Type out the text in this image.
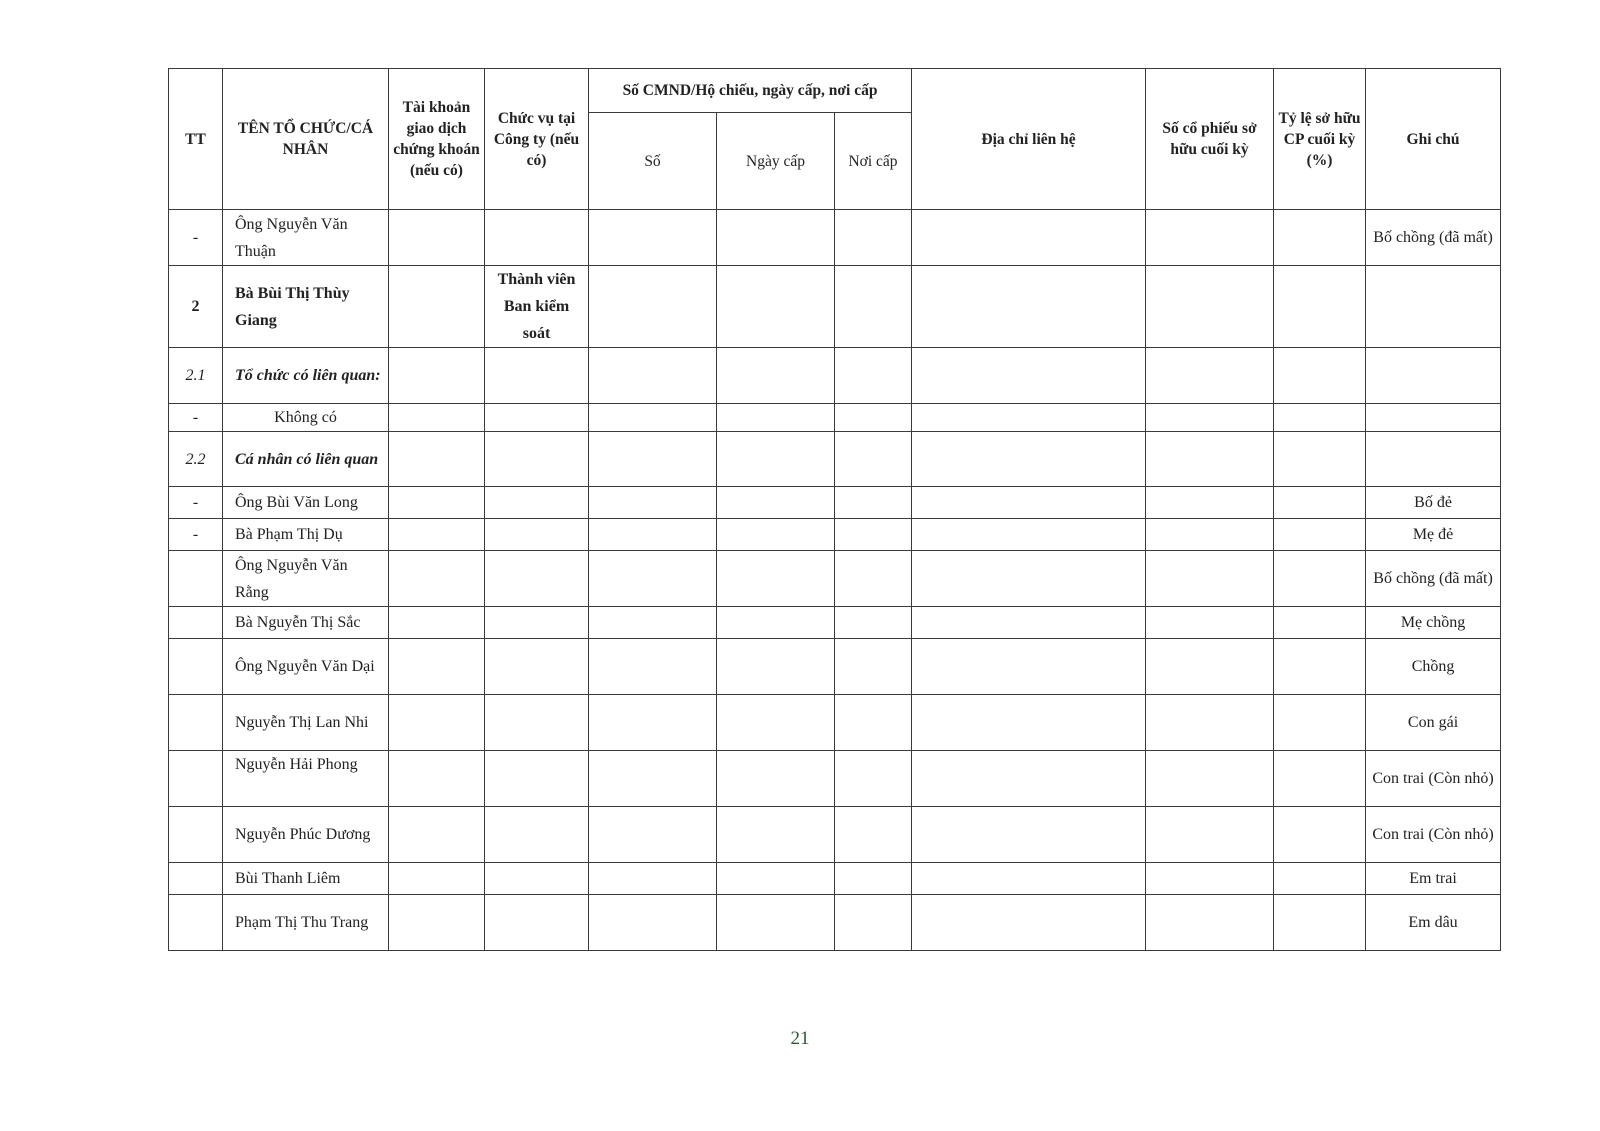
TT	TÊN TỔ CHỨC/CÁ NHÂN	Tài khoản giao dịch chứng khoán (nếu có)	Chức vụ tại Công ty (nếu có)	Số CMND/Hộ chiếu, ngày cấp, nơi cấp			Địa chỉ liên hệ	Số cổ phiếu sở hữu cuối kỳ	Tỷ lệ sở hữu CP cuối kỳ (%)	Ghi chú
				Số	Ngày cấp	Nơi cấp				
-	Ông Nguyễn Văn Thuận									Bố chồng (đã mất)
2	Bà Bùi Thị Thùy Giang		Thành viên Ban kiểm soát							
2.1	Tổ chức có liên quan:									
-	Không có									
2.2	Cá nhân có liên quan									
-	Ông Bùi Văn Long									Bố đẻ
-	Bà Phạm Thị Dụ									Mẹ đẻ
	Ông Nguyễn Văn Rằng									Bố chồng (đã mất)
	Bà Nguyễn Thị Sắc									Mẹ chồng
	Ông Nguyễn Văn Dại									Chồng
	Nguyễn Thị Lan Nhi									Con gái
	Nguyễn Hải Phong									Con trai (Còn nhỏ)
	Nguyễn Phúc Dương									Con trai (Còn nhỏ)
	Bùi Thanh Liêm									Em trai
	Phạm Thị Thu Trang									Em dâu
21
